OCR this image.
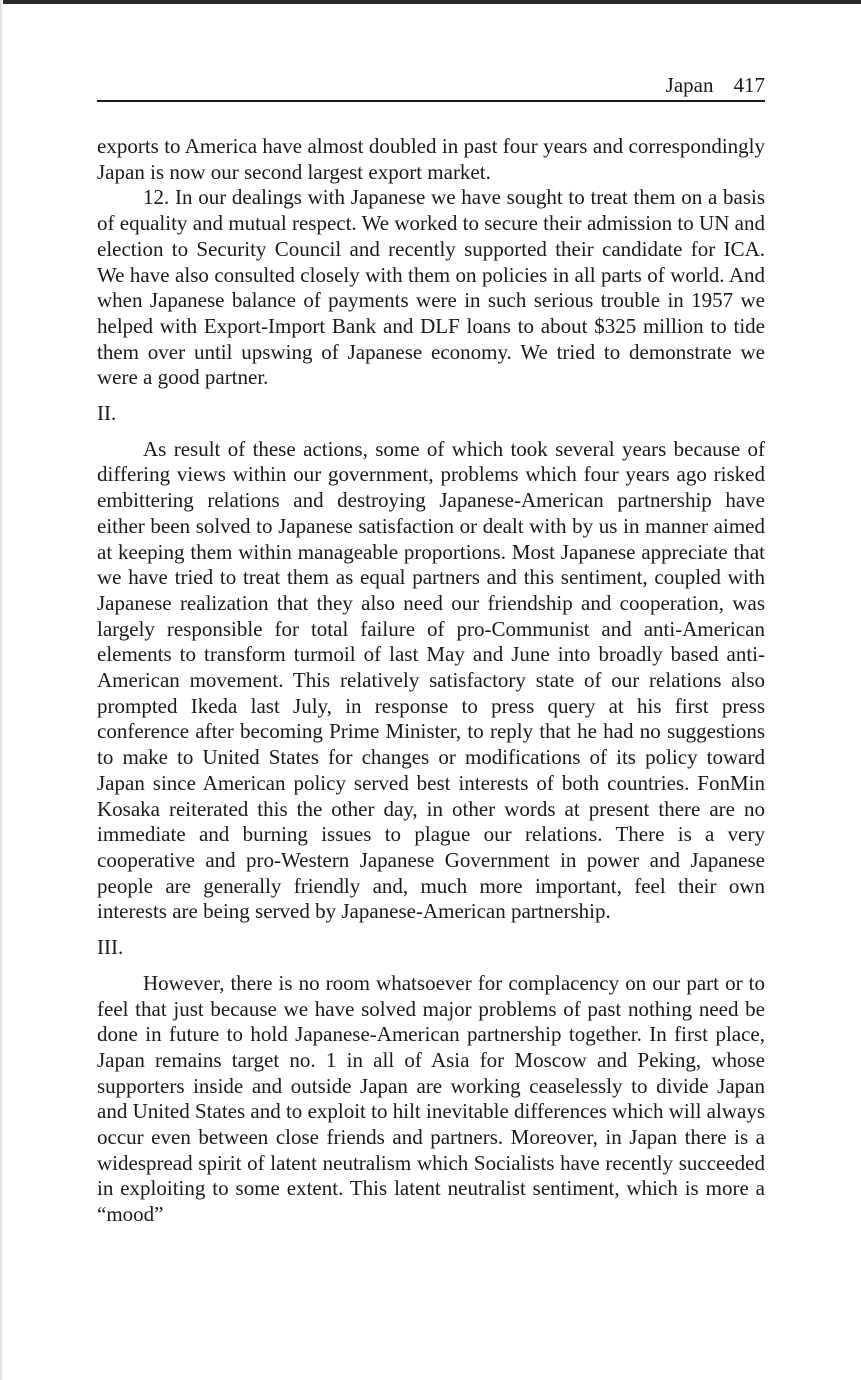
Japan 417

exports to America have almost doubled in past four years and correspondingly Japan is now our second largest export market.

12. In our dealings with Japanese we have sought to treat them on a basis of equality and mutual respect. We worked to secure their admission to UN and election to Security Council and recently supported their candidate for ICA. We have also consulted closely with them on policies in all parts of world. And when Japanese balance of payments were in such serious trouble in 1957 we helped with Export-Import Bank and DLF loans to about $325 million to tide them over until upswing of Japanese economy. We tried to demonstrate we were a good partner.

II.

As result of these actions, some of which took several years because of differing views within our government, problems which four years ago risked embittering relations and destroying Japanese-American partnership have either been solved to Japanese satisfaction or dealt with by us in manner aimed at keeping them within manageable proportions. Most Japanese appreciate that we have tried to treat them as equal partners and this sentiment, coupled with Japanese realization that they also need our friendship and cooperation, was largely responsible for total failure of pro-Communist and anti-American elements to transform turmoil of last May and June into broadly based anti-American movement. This relatively satisfactory state of our relations also prompted Ikeda last July, in response to press query at his first press conference after becoming Prime Minister, to reply that he had no suggestions to make to United States for changes or modifications of its policy toward Japan since American policy served best interests of both countries. FonMin Kosaka reiterated this the other day, in other words at present there are no immediate and burning issues to plague our relations. There is a very cooperative and pro-Western Japanese Government in power and Japanese people are generally friendly and, much more important, feel their own interests are being served by Japanese-American partnership.

III.

However, there is no room whatsoever for complacency on our part or to feel that just because we have solved major problems of past nothing need be done in future to hold Japanese-American partnership together. In first place, Japan remains target no. 1 in all of Asia for Moscow and Peking, whose supporters inside and outside Japan are working ceaselessly to divide Japan and United States and to exploit to hilt inevitable differences which will always occur even between close friends and partners. Moreover, in Japan there is a widespread spirit of latent neutralism which Socialists have recently succeeded in exploiting to some extent. This latent neutralist sentiment, which is more a “mood”
